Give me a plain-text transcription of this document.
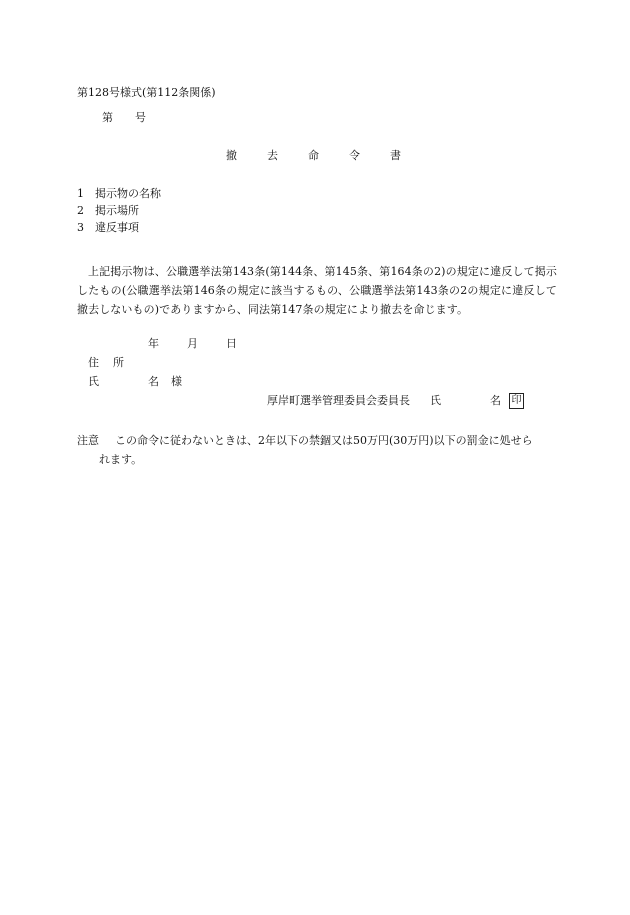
第128号様式(第112条関係)
第 号
撤	去	命	令	書
1 掲示物の名称
2 掲示場所
3 違反事項
上記掲示物は、公職選挙法第143条(第144条、第145条、第164条の2)の規定に違反して掲示したもの(公職選挙法第146条の規定に該当するもの、公職選挙法第143条の2の規定に違反して撤去しないもの)でありますから、同法第147条の規定により撤去を命じます。
年	月	日
住 所
氏	名 様
厚岸町選挙管理委員会委員長 氏	名 印
注意 この命令に従わないときは、2年以下の禁錮又は50万円(30万円)以下の罰金に処せら
れます。
